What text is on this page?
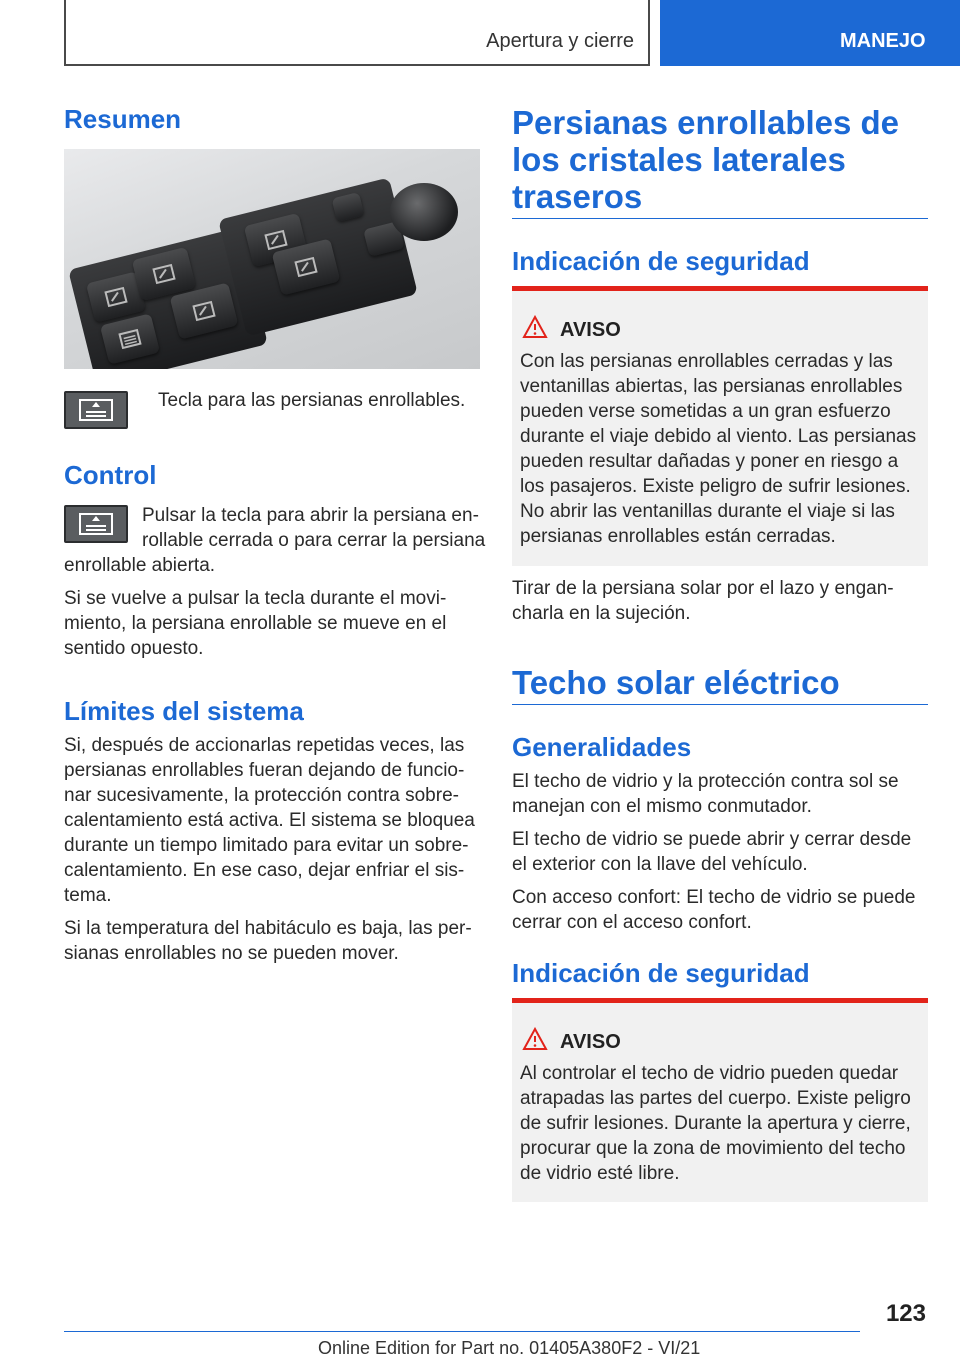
Apertura y cierre	MANEJO
Resumen
Tecla para las persianas enrollables.
Control
Pulsar la tecla para abrir la persiana en-
rollable cerrada o para cerrar la persiana
enrollable abierta.
Si se vuelve a pulsar la tecla durante el movi-
miento, la persiana enrollable se mueve en el
sentido opuesto.
Límites del sistema
Si, después de accionarlas repetidas veces, las
persianas enrollables fueran dejando de funcio-
nar sucesivamente, la protección contra sobre-
calentamiento está activa. El sistema se bloquea
durante un tiempo limitado para evitar un sobre-
calentamiento. En ese caso, dejar enfriar el sis-
tema.
Si la temperatura del habitáculo es baja, las per-
sianas enrollables no se pueden mover.
Persianas enrollables de
los cristales laterales
traseros
Indicación de seguridad
AVISO
Con las persianas enrollables cerradas y las
ventanillas abiertas, las persianas enrollables
pueden verse sometidas a un gran esfuerzo
durante el viaje debido al viento. Las persianas
pueden resultar dañadas y poner en riesgo a
los pasajeros. Existe peligro de sufrir lesiones.
No abrir las ventanillas durante el viaje si las
persianas enrollables están cerradas.
Tirar de la persiana solar por el lazo y engan-
charla en la sujeción.
Techo solar eléctrico
Generalidades
El techo de vidrio y la protección contra sol se
manejan con el mismo conmutador.
El techo de vidrio se puede abrir y cerrar desde
el exterior con la llave del vehículo.
Con acceso confort: El techo de vidrio se puede
cerrar con el acceso confort.
Indicación de seguridad
AVISO
Al controlar el techo de vidrio pueden quedar
atrapadas las partes del cuerpo. Existe peligro
de sufrir lesiones. Durante la apertura y cierre,
procurar que la zona de movimiento del techo
de vidrio esté libre.
123
Online Edition for Part no. 01405A380F2 - VI/21
